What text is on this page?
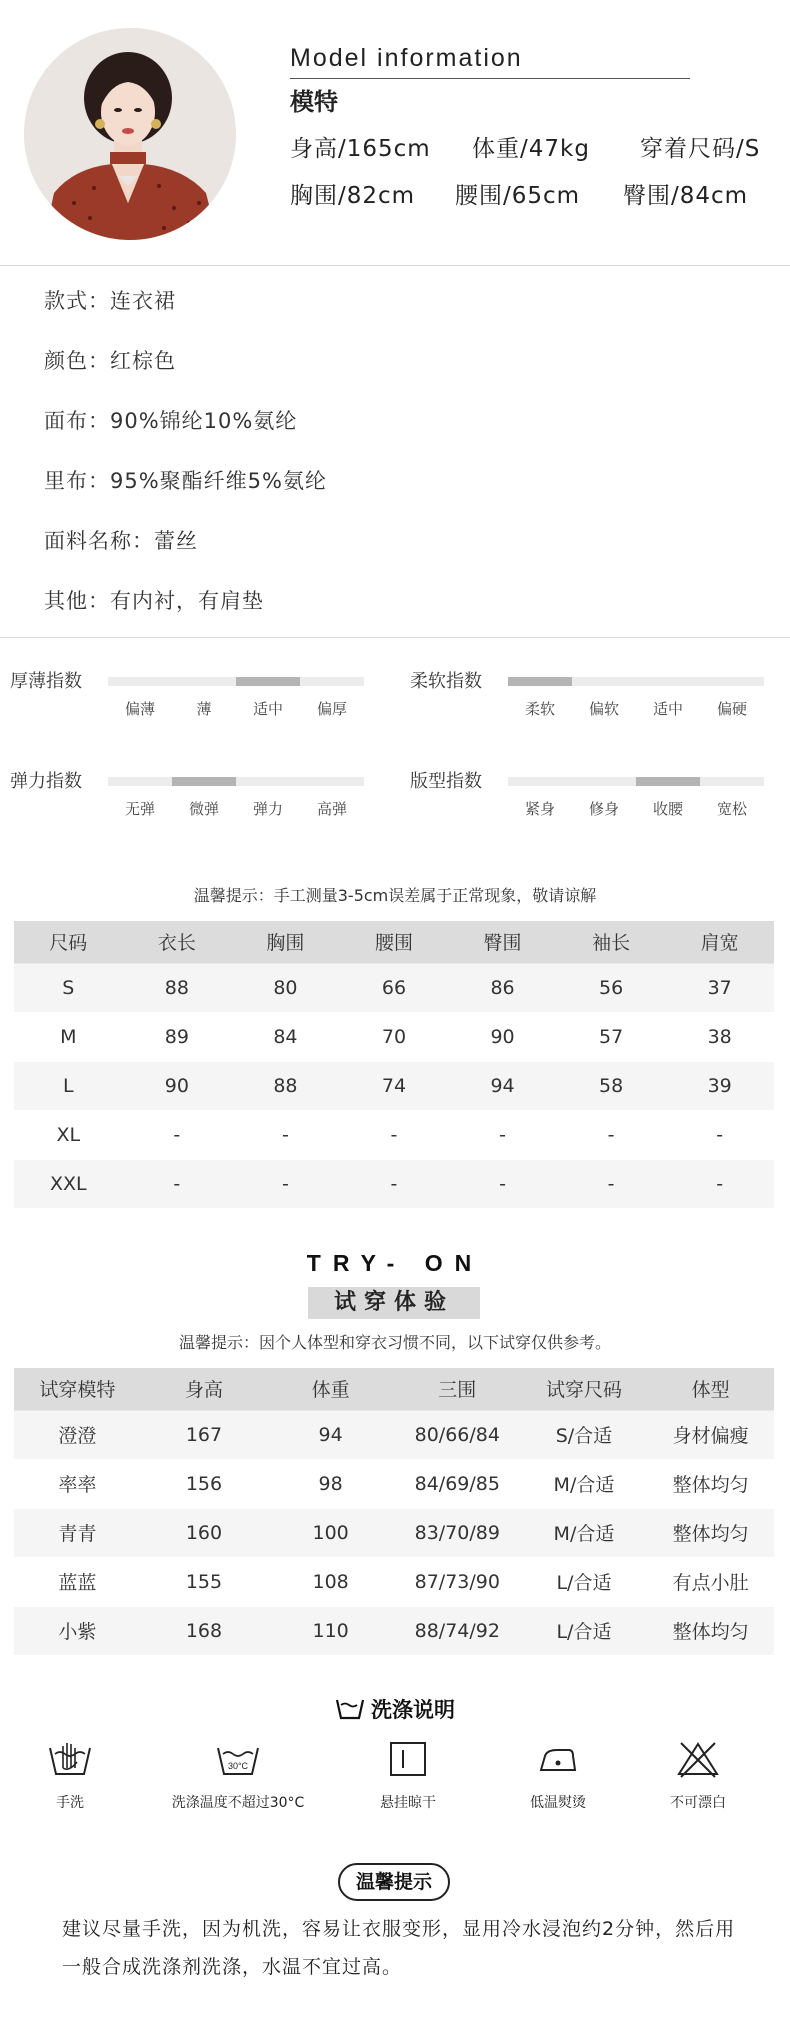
Model information
模特
身高/165cm 体重/47kg 穿着尺码/S
胸围/82cm 腰围/65cm 臀围/84cm
款式：连衣裙
颜色：红棕色
面布：90%锦纶10%氨纶
里布：95%聚酯纤维5%氨纶
面料名称：蕾丝
其他：有内衬，有肩垫
厚薄指数
偏薄	薄	适中 偏厚
柔软指数
柔软 偏软 适中 偏硬
弹力指数
无弹 微弹 弹力 高弹
版型指数
紧身 修身 收腰 宽松
温馨提示：手工测量3-5cm误差属于正常现象，敬请谅解
尺码	衣长	胸围	腰围	臀围	袖长	肩宽
S	88	80	66	86	56	37
M	89	84	70	90	57	38
L	90	88	74	94	58	39
XL	-	-	-	-	-	-
XXL	-	-	-	-	-	-
TRY- ON
试穿体验
温馨提示：因个人体型和穿衣习惯不同，以下试穿仅供参考。
试穿模特	身高	体重	三围	试穿尺码	体型
澄澄	167	94	80/66/84	S/合适	身材偏瘦
率率	156	98	84/69/85	M/合适	整体均匀
青青	160	100	83/70/89	M/合适	整体均匀
蓝蓝	155	108	87/73/90	L/合适	有点小肚
小紫	168	110	88/74/92	L/合适	整体均匀
洗涤说明
手洗
30°C
洗涤温度不超过30°C	悬挂晾干	低温熨烫	不可漂白
温馨提示
建议尽量手洗，因为机洗，容易让衣服变形，显用冷水浸泡约2分钟，然后用一般合成洗涤剂洗涤，水温不宜过高。
